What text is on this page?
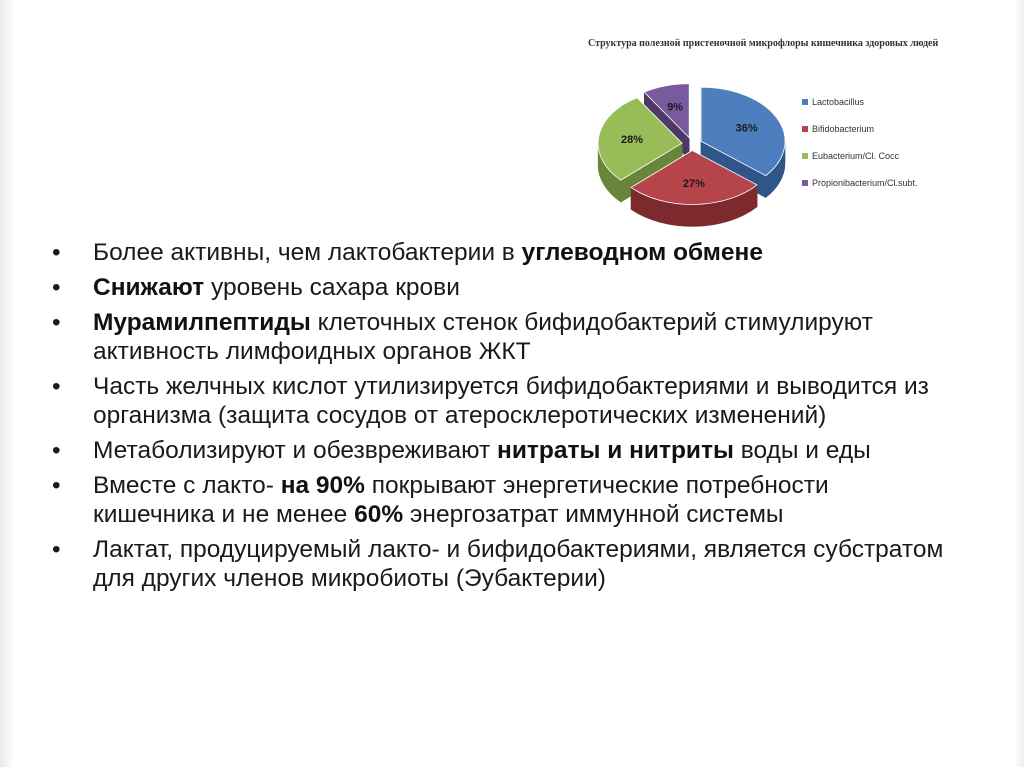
Структура полезной пристеночной микрофлоры кишечника здоровых людей
36%
27%
28%
9%	Lactobacillus
Bifidobacterium
Eubacterium/Cl. Cocc
Propionibacterium/Cl.subt.
• Более активны, чем лактобактерии в углеводном обмене
• Снижают уровень сахара крови
• Мурамилпептиды клеточных стенок бифидобактерий стимулируют активность лимфоидных органов ЖКТ
• Часть желчных кислот утилизируется бифидобактериями и выводится из организма (защита сосудов от атеросклеротических изменений)
• Метаболизируют и обезвреживают нитраты и нитриты воды и еды
• Вместе с лакто- на 90% покрывают энергетические потребности кишечника и не менее 60% энергозатрат иммунной системы
• Лактат, продуцируемый лакто- и бифидобактериями, является субстратом для других членов микробиоты (Эубактерии)
